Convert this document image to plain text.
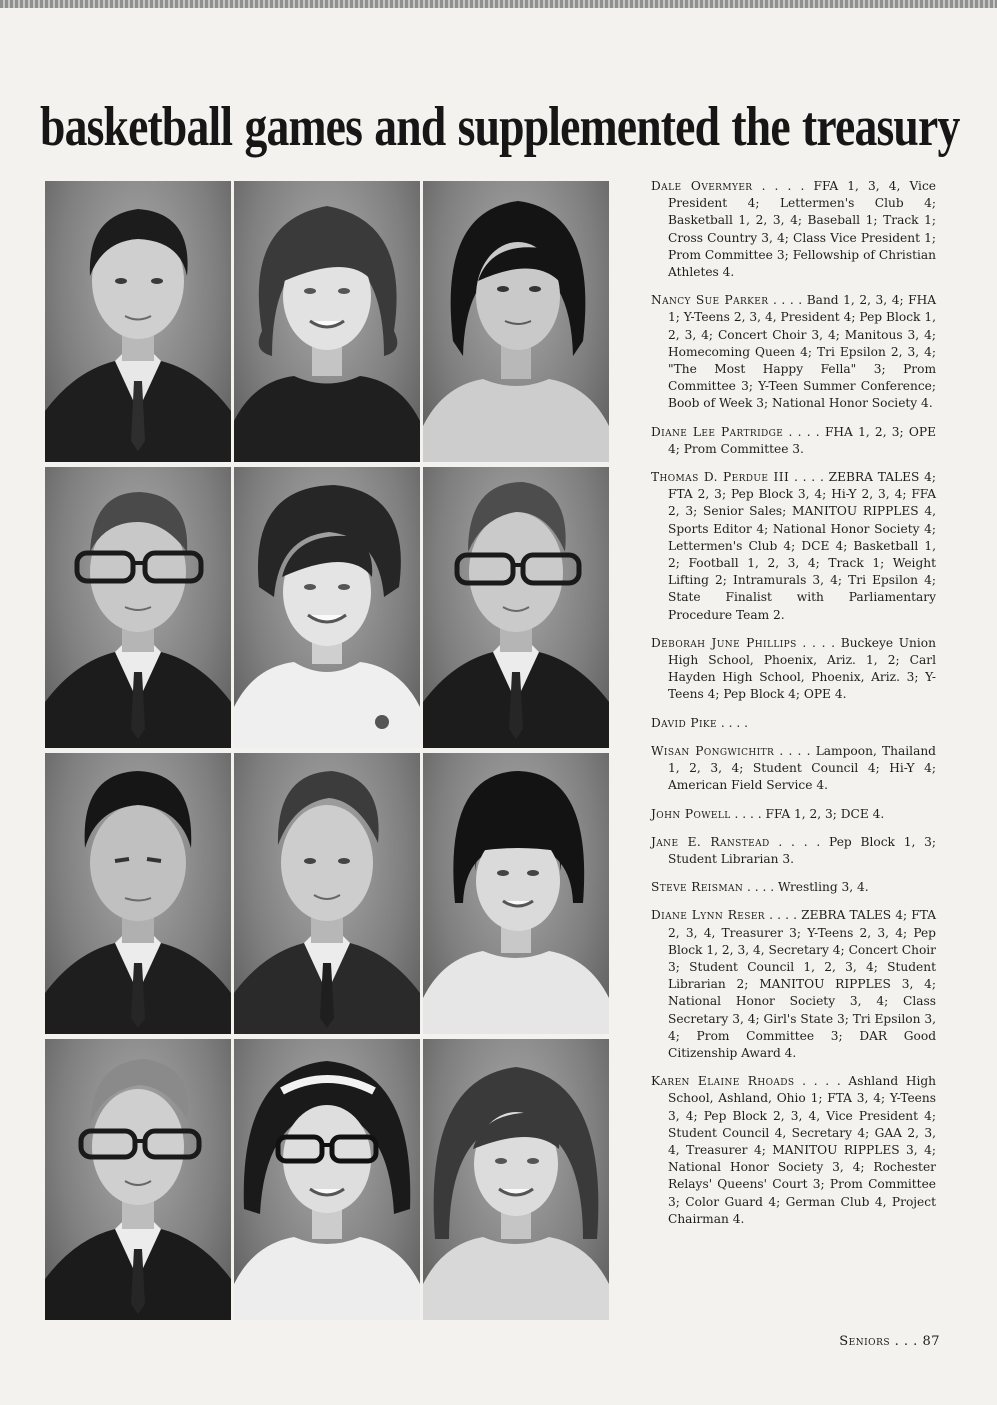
basketball games and supplemented the treasury

Dale Overmyer . . . . FFA 1, 3, 4, Vice President 4; Lettermen's Club 4; Basketball 1, 2, 3, 4; Baseball 1; Track 1; Cross Country 3, 4; Class Vice President 1; Prom Committee 3; Fellowship of Christian Athletes 4.

Nancy Sue Parker . . . . Band 1, 2, 3, 4; FHA 1; Y-Teens 2, 3, 4, President 4; Pep Block 1, 2, 3, 4; Concert Choir 3, 4; Manitous 3, 4; Homecoming Queen 4; Tri Epsilon 2, 3, 4; "The Most Happy Fella" 3; Prom Committee 3; Y-Teen Summer Conference; Boob of Week 3; National Honor Society 4.

Diane Lee Partridge . . . . FHA 1, 2, 3; OPE 4; Prom Committee 3.

Thomas D. Perdue III . . . . ZEBRA TALES 4; FTA 2, 3; Pep Block 3, 4; Hi-Y 2, 3, 4; FFA 2, 3; Senior Sales; MANITOU RIPPLES 4, Sports Editor 4; National Honor Society 4; Lettermen's Club 4; DCE 4; Basketball 1, 2; Football 1, 2, 3, 4; Track 1; Weight Lifting 2; Intramurals 3, 4; Tri Epsilon 4; State Finalist with Parliamentary Procedure Team 2.

Deborah June Phillips . . . . Buckeye Union High School, Phoenix, Ariz. 1, 2; Carl Hayden High School, Phoenix, Ariz. 3; Y-Teens 4; Pep Block 4; OPE 4.

David Pike . . . .

Wisan Pongwichitr . . . . Lampoon, Thailand 1, 2, 3, 4; Student Council 4; Hi-Y 4; American Field Service 4.

John Powell . . . . FFA 1, 2, 3; DCE 4.

Jane E. Ranstead . . . . Pep Block 1, 3; Student Librarian 3.

Steve Reisman . . . . Wrestling 3, 4.

Diane Lynn Reser . . . . ZEBRA TALES 4; FTA 2, 3, 4, Treasurer 3; Y-Teens 2, 3, 4; Pep Block 1, 2, 3, 4, Secretary 4; Concert Choir 3; Student Council 1, 2, 3, 4; Student Librarian 2; MANITOU RIPPLES 3, 4; National Honor Society 3, 4; Class Secretary 3, 4; Girl's State 3; Tri Epsilon 3, 4; Prom Committee 3; DAR Good Citizenship Award 4.

Karen Elaine Rhoads . . . . Ashland High School, Ashland, Ohio 1; FTA 3, 4; Y-Teens 3, 4; Pep Block 2, 3, 4, Vice President 4; Student Council 4, Secretary 4; GAA 2, 3, 4, Treasurer 4; MANITOU RIPPLES 3, 4; National Honor Society 3, 4; Rochester Relays' Queens' Court 3; Prom Committee 3; Color Guard 4; German Club 4, Project Chairman 4.

Seniors . . . 87
